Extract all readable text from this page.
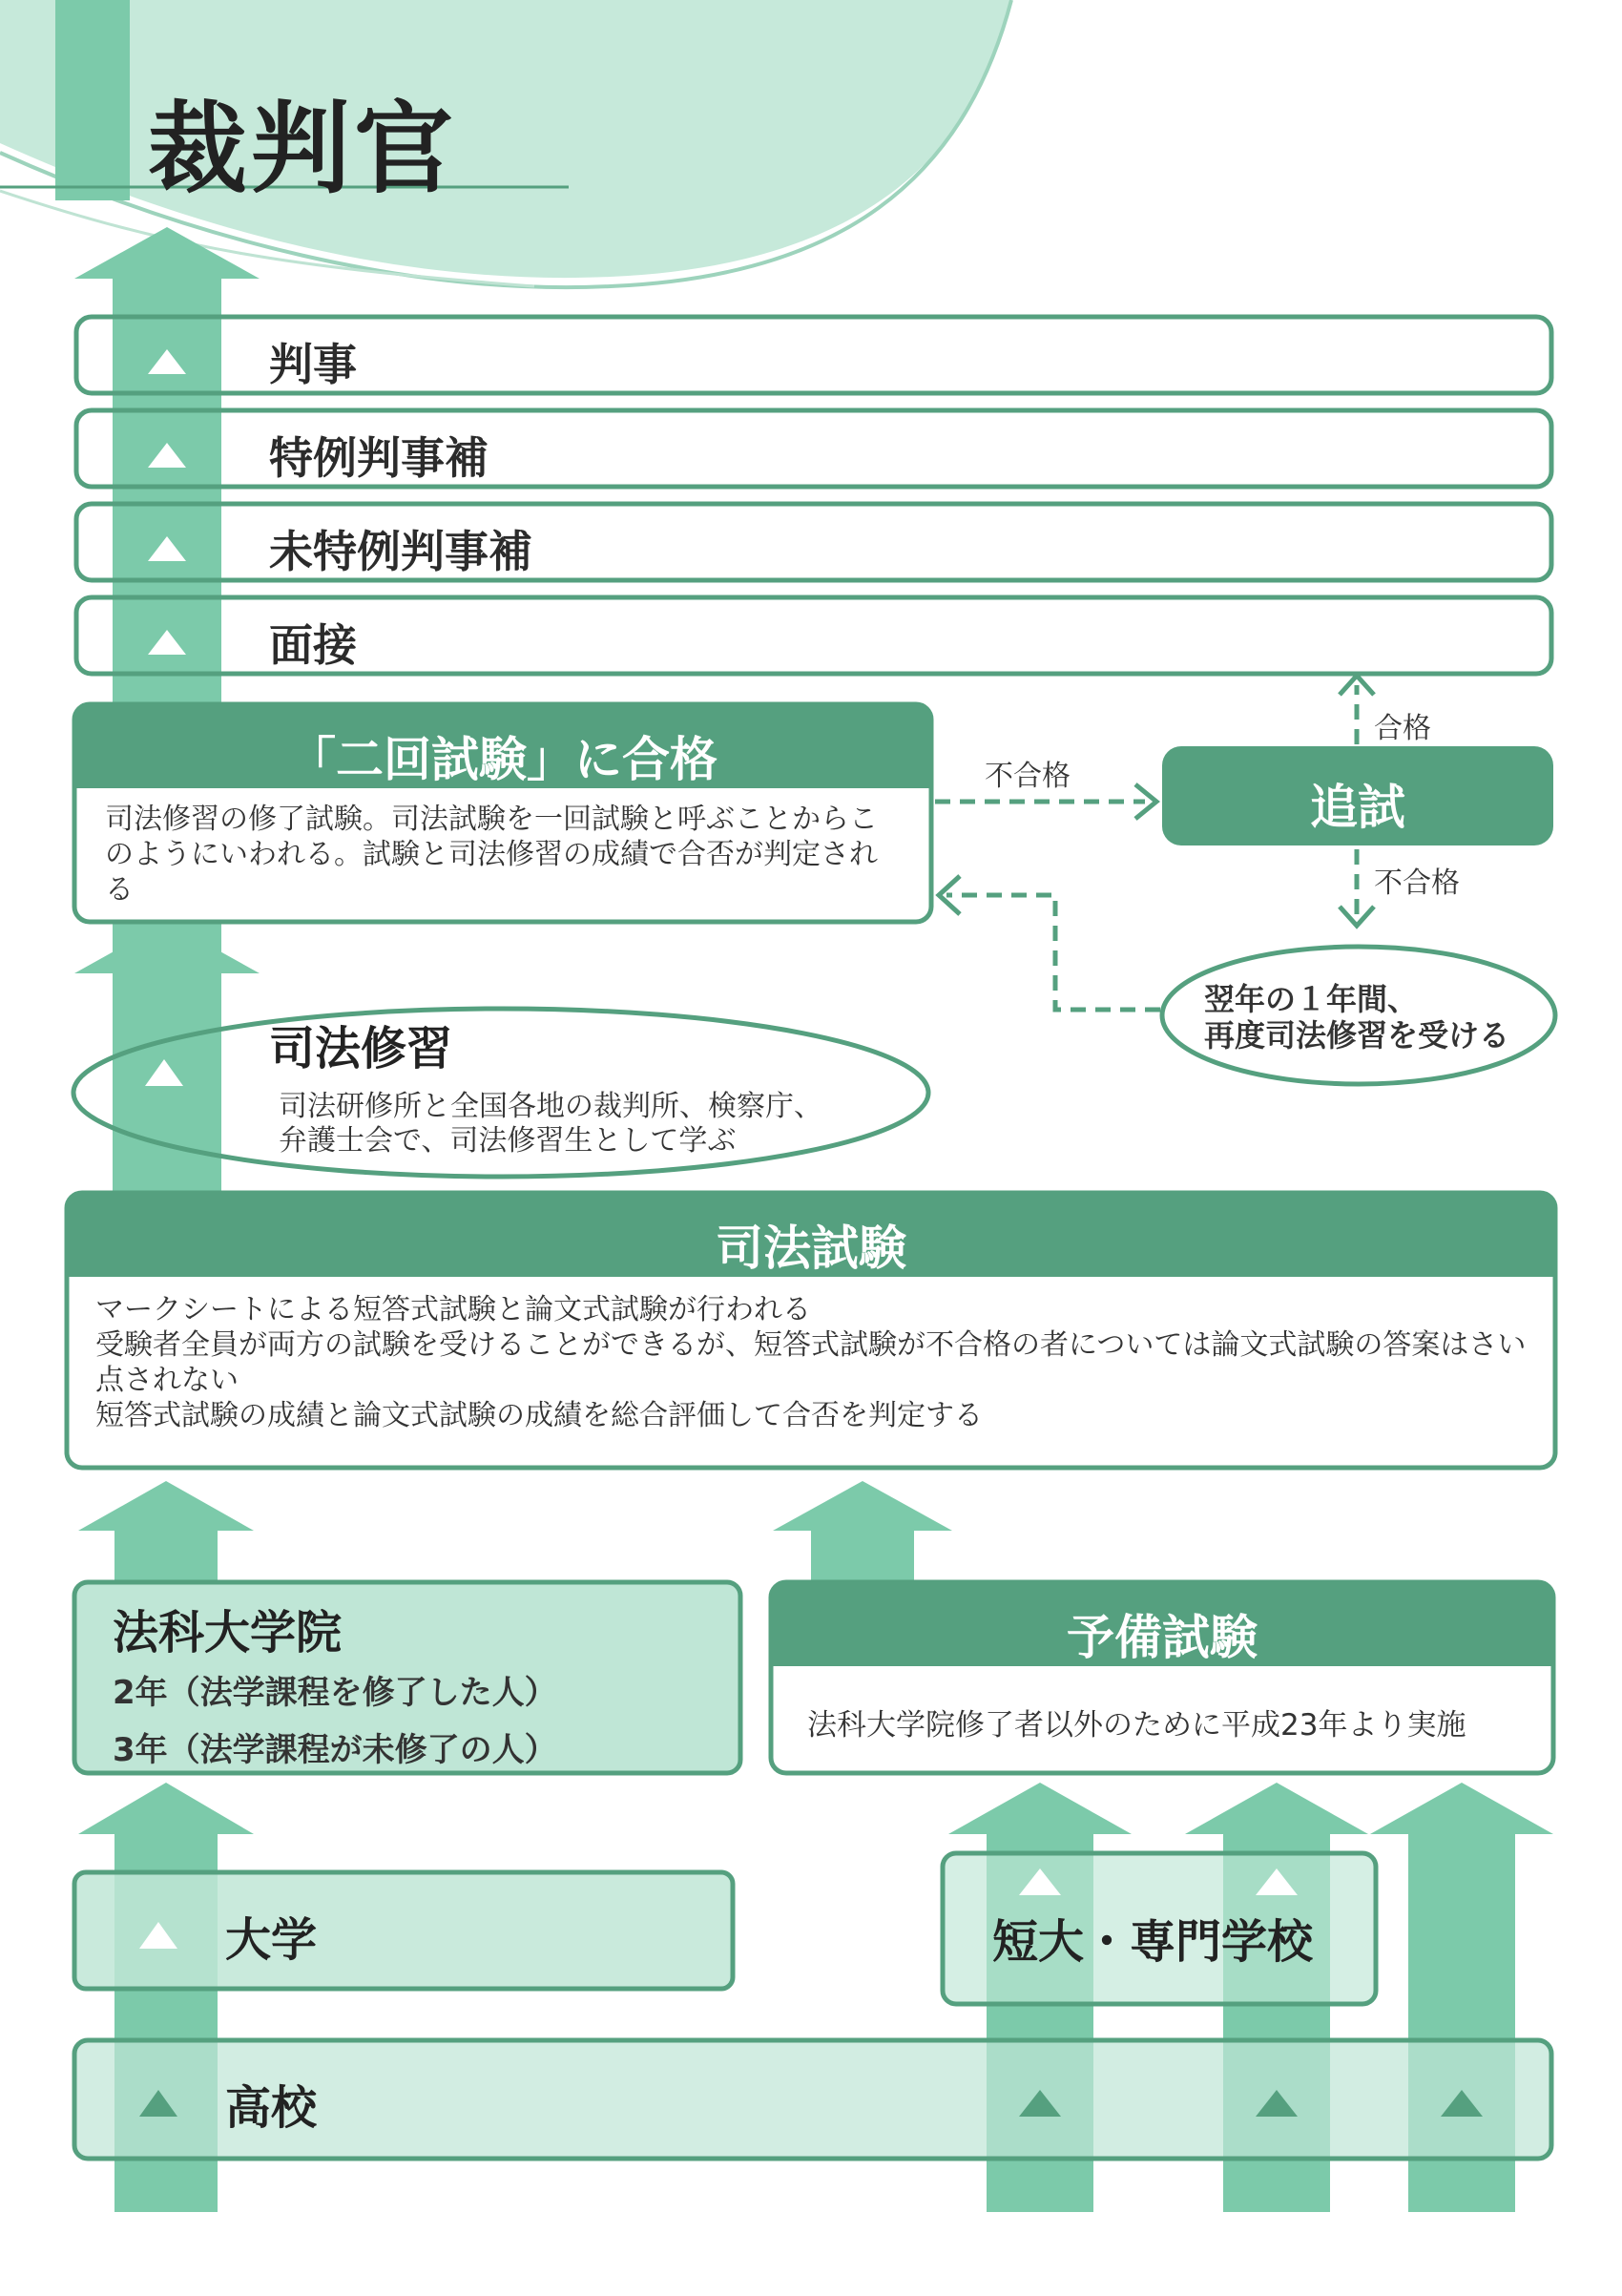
裁判官
判事
特例判事補
未特例判事補
面接
「二回試験」に合格
司法修習の修了試験。司法試験を一回試験と呼ぶことからこのようにいわれる。試験と司法修習の成績で合否が判定される
追試
合格
不合格
不合格
翌年の１年間、
再度司法修習を受ける
司法修習
司法研修所と全国各地の裁判所、検察庁、
弁護士会で、司法修習生として学ぶ
司法試験
マークシートによる短答式試験と論文式試験が行われる
受験者全員が両方の試験を受けることができるが、短答式試験が不合格の者については論文式試験の答案はさい点されない
短答式試験の成績と論文式試験の成績を総合評価して合否を判定する
法科大学院
2年（法学課程を修了した人）
3年（法学課程が未修了の人）
予備試験
法科大学院修了者以外のために平成23年より実施
大学	短大・専門学校
高校
